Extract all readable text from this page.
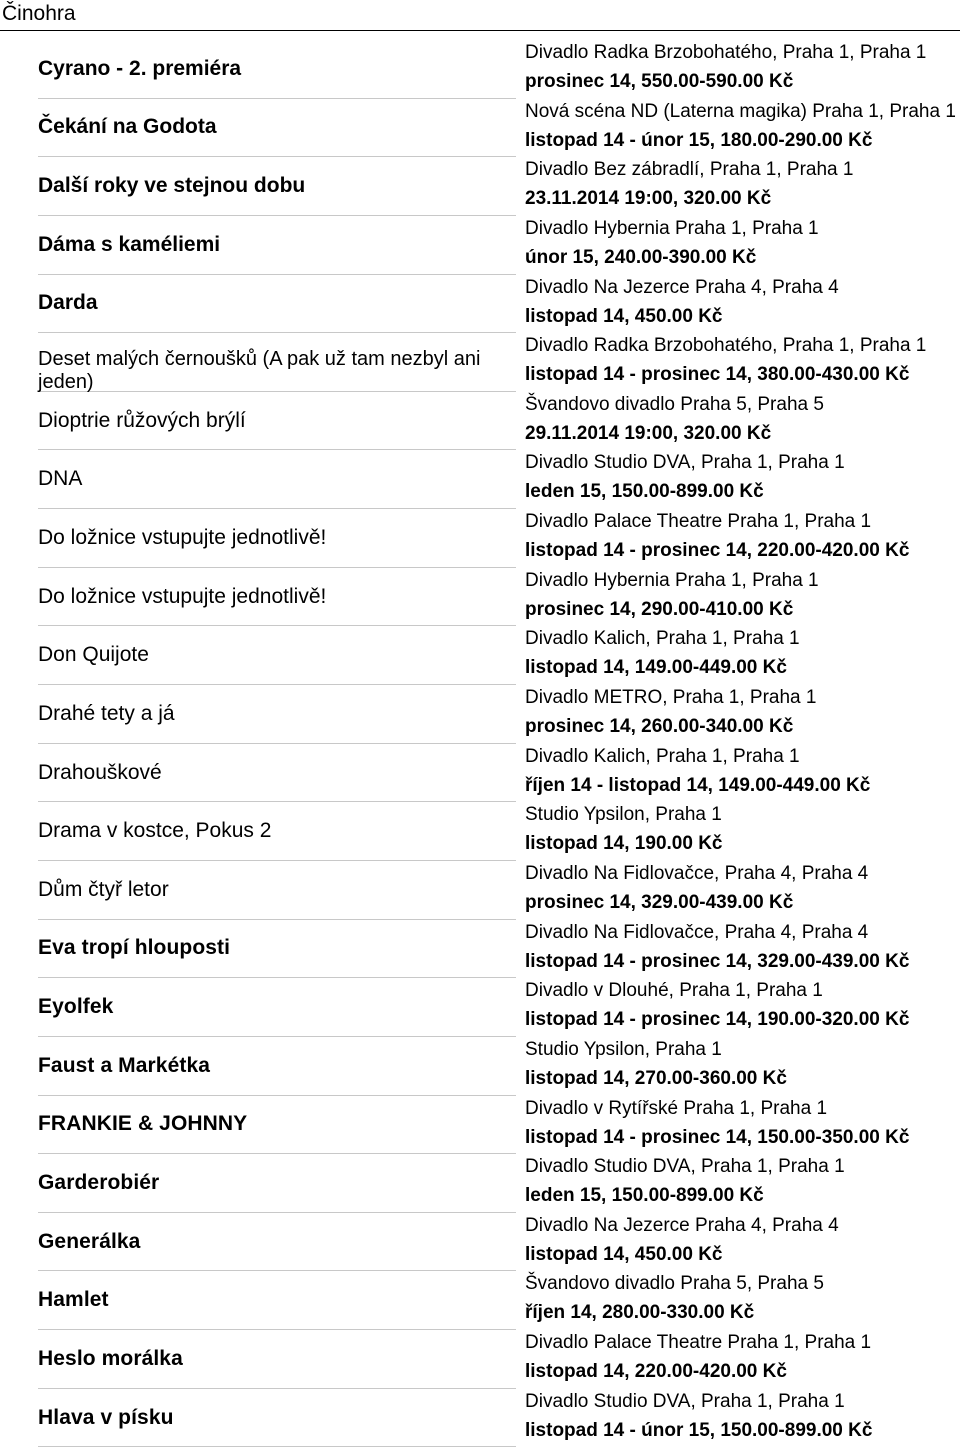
Činohra
Cyrano - 2. premiéra
Divadlo Radka Brzobohatého, Praha 1, Praha 1
prosinec 14, 550.00-590.00 Kč
Čekání na Godota
Nová scéna ND (Laterna magika) Praha 1, Praha 1
listopad 14 - únor 15, 180.00-290.00 Kč
Další roky ve stejnou dobu
Divadlo Bez zábradlí, Praha 1, Praha 1
23.11.2014 19:00, 320.00 Kč
Dáma s kaméliemi
Divadlo Hybernia Praha 1, Praha 1
únor 15, 240.00-390.00 Kč
Darda
Divadlo Na Jezerce Praha 4, Praha 4
listopad 14, 450.00 Kč
Deset malých černoušků (A pak už tam nezbyl ani jeden)
Divadlo Radka Brzobohatého, Praha 1, Praha 1
listopad 14 - prosinec 14, 380.00-430.00 Kč
Dioptrie růžových brýlí
Švandovo divadlo Praha 5, Praha 5
29.11.2014 19:00, 320.00 Kč
DNA
Divadlo Studio DVA, Praha 1, Praha 1
leden 15, 150.00-899.00 Kč
Do ložnice vstupujte jednotlivě!
Divadlo Palace Theatre Praha 1, Praha 1
listopad 14 - prosinec 14, 220.00-420.00 Kč
Do ložnice vstupujte jednotlivě!
Divadlo Hybernia Praha 1, Praha 1
prosinec 14, 290.00-410.00 Kč
Don Quijote
Divadlo Kalich, Praha 1, Praha 1
listopad 14, 149.00-449.00 Kč
Drahé tety a já
Divadlo METRO, Praha 1, Praha 1
prosinec 14, 260.00-340.00 Kč
Drahouškové
Divadlo Kalich, Praha 1, Praha 1
říjen 14 - listopad 14, 149.00-449.00 Kč
Drama v kostce, Pokus 2
Studio Ypsilon, Praha 1
listopad 14, 190.00 Kč
Dům čtyř letor
Divadlo Na Fidlovačce, Praha 4, Praha 4
prosinec 14, 329.00-439.00 Kč
Eva tropí hlouposti
Divadlo Na Fidlovačce, Praha 4, Praha 4
listopad 14 - prosinec 14, 329.00-439.00 Kč
Eyolfek
Divadlo v Dlouhé, Praha 1, Praha 1
listopad 14 - prosinec 14, 190.00-320.00 Kč
Faust a Markétka
Studio Ypsilon, Praha 1
listopad 14, 270.00-360.00 Kč
FRANKIE & JOHNNY
Divadlo v Rytířské Praha 1, Praha 1
listopad 14 - prosinec 14, 150.00-350.00 Kč
Garderobiér
Divadlo Studio DVA, Praha 1, Praha 1
leden 15, 150.00-899.00 Kč
Generálka
Divadlo Na Jezerce Praha 4, Praha 4
listopad 14, 450.00 Kč
Hamlet
Švandovo divadlo Praha 5, Praha 5
říjen 14, 280.00-330.00 Kč
Heslo morálka
Divadlo Palace Theatre Praha 1, Praha 1
listopad 14, 220.00-420.00 Kč
Hlava v písku
Divadlo Studio DVA, Praha 1, Praha 1
listopad 14 - únor 15, 150.00-899.00 Kč
